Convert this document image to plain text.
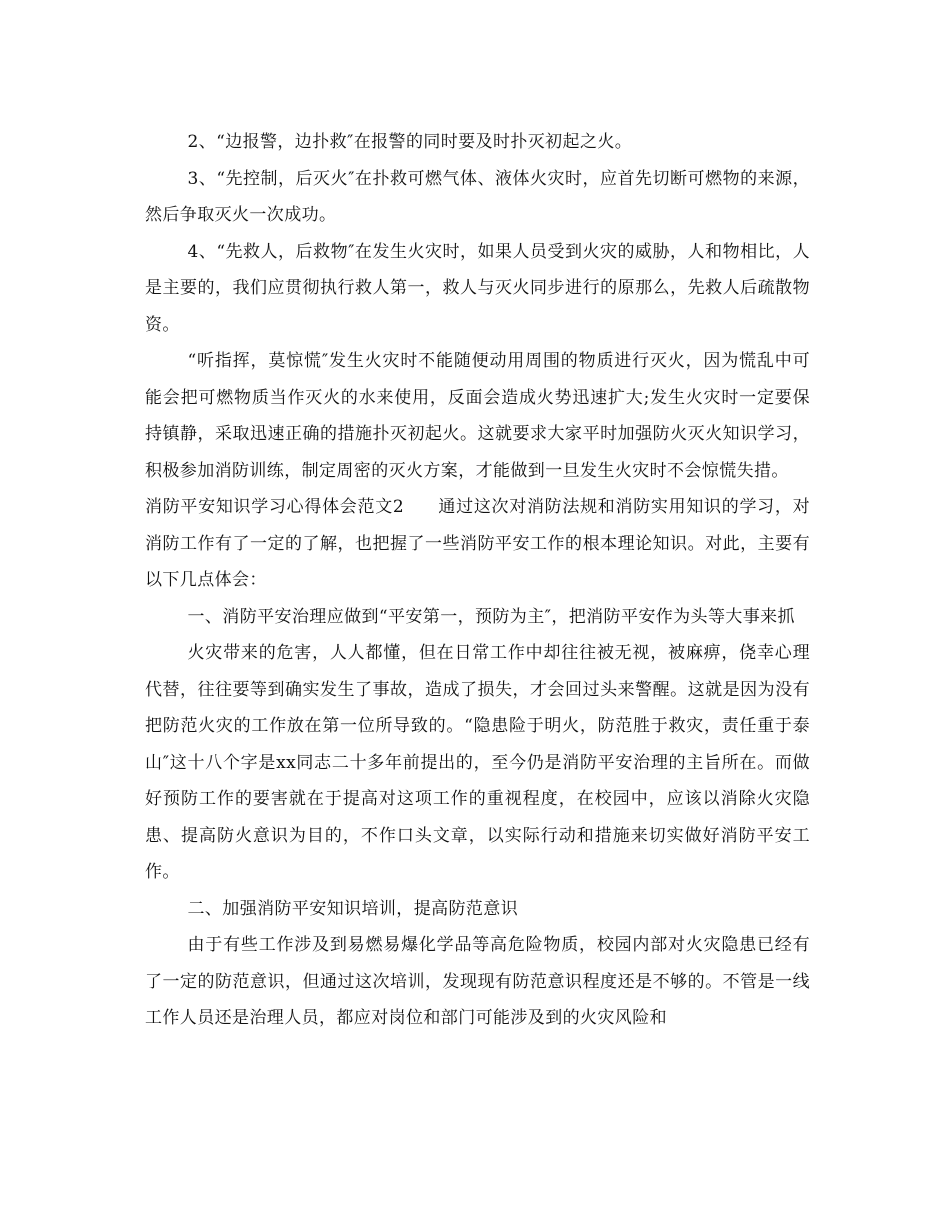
2、“边报警，边扑救″在报警的同时要及时扑灭初起之火。

3、“先控制，后灭火″在扑救可燃气体、液体火灾时，应首先切断可燃物的来源，然后争取灭火一次成功。

4、“先救人，后救物″在发生火灾时，如果人员受到火灾的威胁，人和物相比，人是主要的，我们应贯彻执行救人第一，救人与灭火同步进行的原那么，先救人后疏散物资。

“听指挥，莫惊慌″发生火灾时不能随便动用周围的物质进行灭火，因为慌乱中可能会把可燃物质当作灭火的水来使用，反面会造成火势迅速扩大;发生火灾时一定要保持镇静，采取迅速正确的措施扑灭初起火。这就要求大家平时加强防火灭火知识学习，积极参加消防训练，制定周密的灭火方案，才能做到一旦发生火灾时不会惊慌失措。

消防平安知识学习心得体会范文2 通过这次对消防法规和消防实用知识的学习，对消防工作有了一定的了解，也把握了一些消防平安工作的根本理论知识。对此，主要有以下几点体会：

一、消防平安治理应做到“平安第一，预防为主″，把消防平安作为头等大事来抓

火灾带来的危害，人人都懂，但在日常工作中却往往被无视，被麻痹，侥幸心理代替，往往要等到确实发生了事故，造成了损失，才会回过头来警醒。这就是因为没有把防范火灾的工作放在第一位所导致的。“隐患险于明火，防范胜于救灾，责任重于泰山″这十八个字是xx同志二十多年前提出的，至今仍是消防平安治理的主旨所在。而做好预防工作的要害就在于提高对这项工作的重视程度，在校园中，应该以消除火灾隐患、提高防火意识为目的，不作口头文章，以实际行动和措施来切实做好消防平安工作。

二、加强消防平安知识培训，提高防范意识

由于有些工作涉及到易燃易爆化学品等高危险物质，校园内部对火灾隐患已经有了一定的防范意识，但通过这次培训，发现现有防范意识程度还是不够的。不管是一线工作人员还是治理人员，都应对岗位和部门可能涉及到的火灾风险和
